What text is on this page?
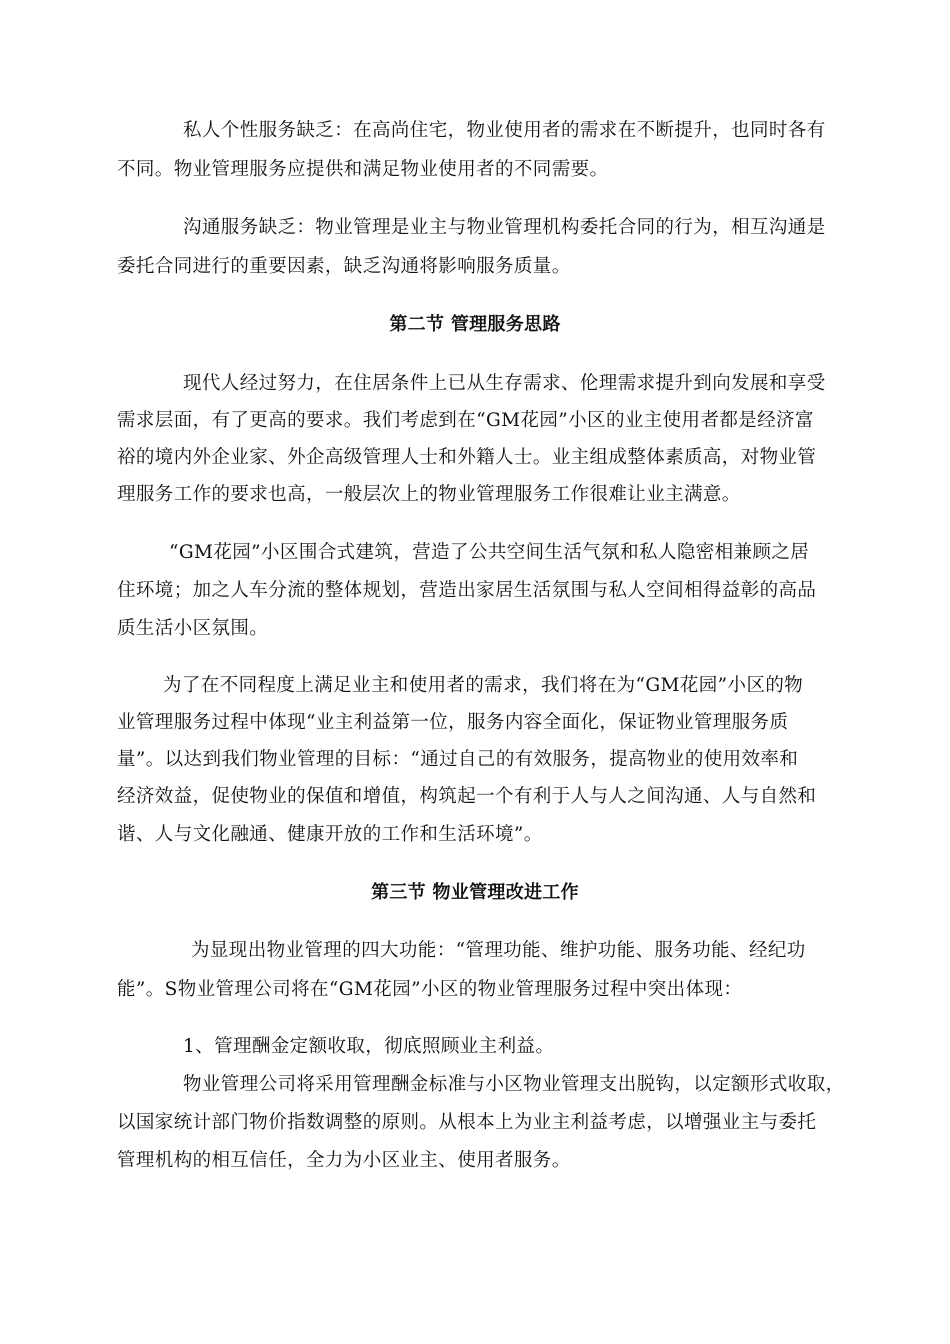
私人个性服务缺乏：在高尚住宅，物业使用者的需求在不断提升，也同时各有
不同。物业管理服务应提供和满足物业使用者的不同需要。
沟通服务缺乏：物业管理是业主与物业管理机构委托合同的行为，相互沟通是
委托合同进行的重要因素，缺乏沟通将影响服务质量。
第二节 管理服务思路
现代人经过努力，在住居条件上已从生存需求、伦理需求提升到向发展和享受
需求层面，有了更高的要求。我们考虑到在“GM花园”小区的业主使用者都是经济富
裕的境内外企业家、外企高级管理人士和外籍人士。业主组成整体素质高，对物业管
理服务工作的要求也高，一般层次上的物业管理服务工作很难让业主满意。
“GM花园”小区围合式建筑，营造了公共空间生活气氛和私人隐密相兼顾之居
住环境；加之人车分流的整体规划，营造出家居生活氛围与私人空间相得益彰的高品
质生活小区氛围。
为了在不同程度上满足业主和使用者的需求，我们将在为“GM花园”小区的物
业管理服务过程中体现“业主利益第一位，服务内容全面化，保证物业管理服务质
量”。以达到我们物业管理的目标：“通过自己的有效服务，提高物业的使用效率和
经济效益，促使物业的保值和增值，构筑起一个有利于人与人之间沟通、人与自然和
谐、人与文化融通、健康开放的工作和生活环境”。
第三节 物业管理改进工作
为显现出物业管理的四大功能：“管理功能、维护功能、服务功能、经纪功
能”。S物业管理公司将在“GM花园”小区的物业管理服务过程中突出体现：
1、管理酬金定额收取，彻底照顾业主利益。
物业管理公司将采用管理酬金标准与小区物业管理支出脱钩，以定额形式收取，
以国家统计部门物价指数调整的原则。从根本上为业主利益考虑，以增强业主与委托
管理机构的相互信任，全力为小区业主、使用者服务。
